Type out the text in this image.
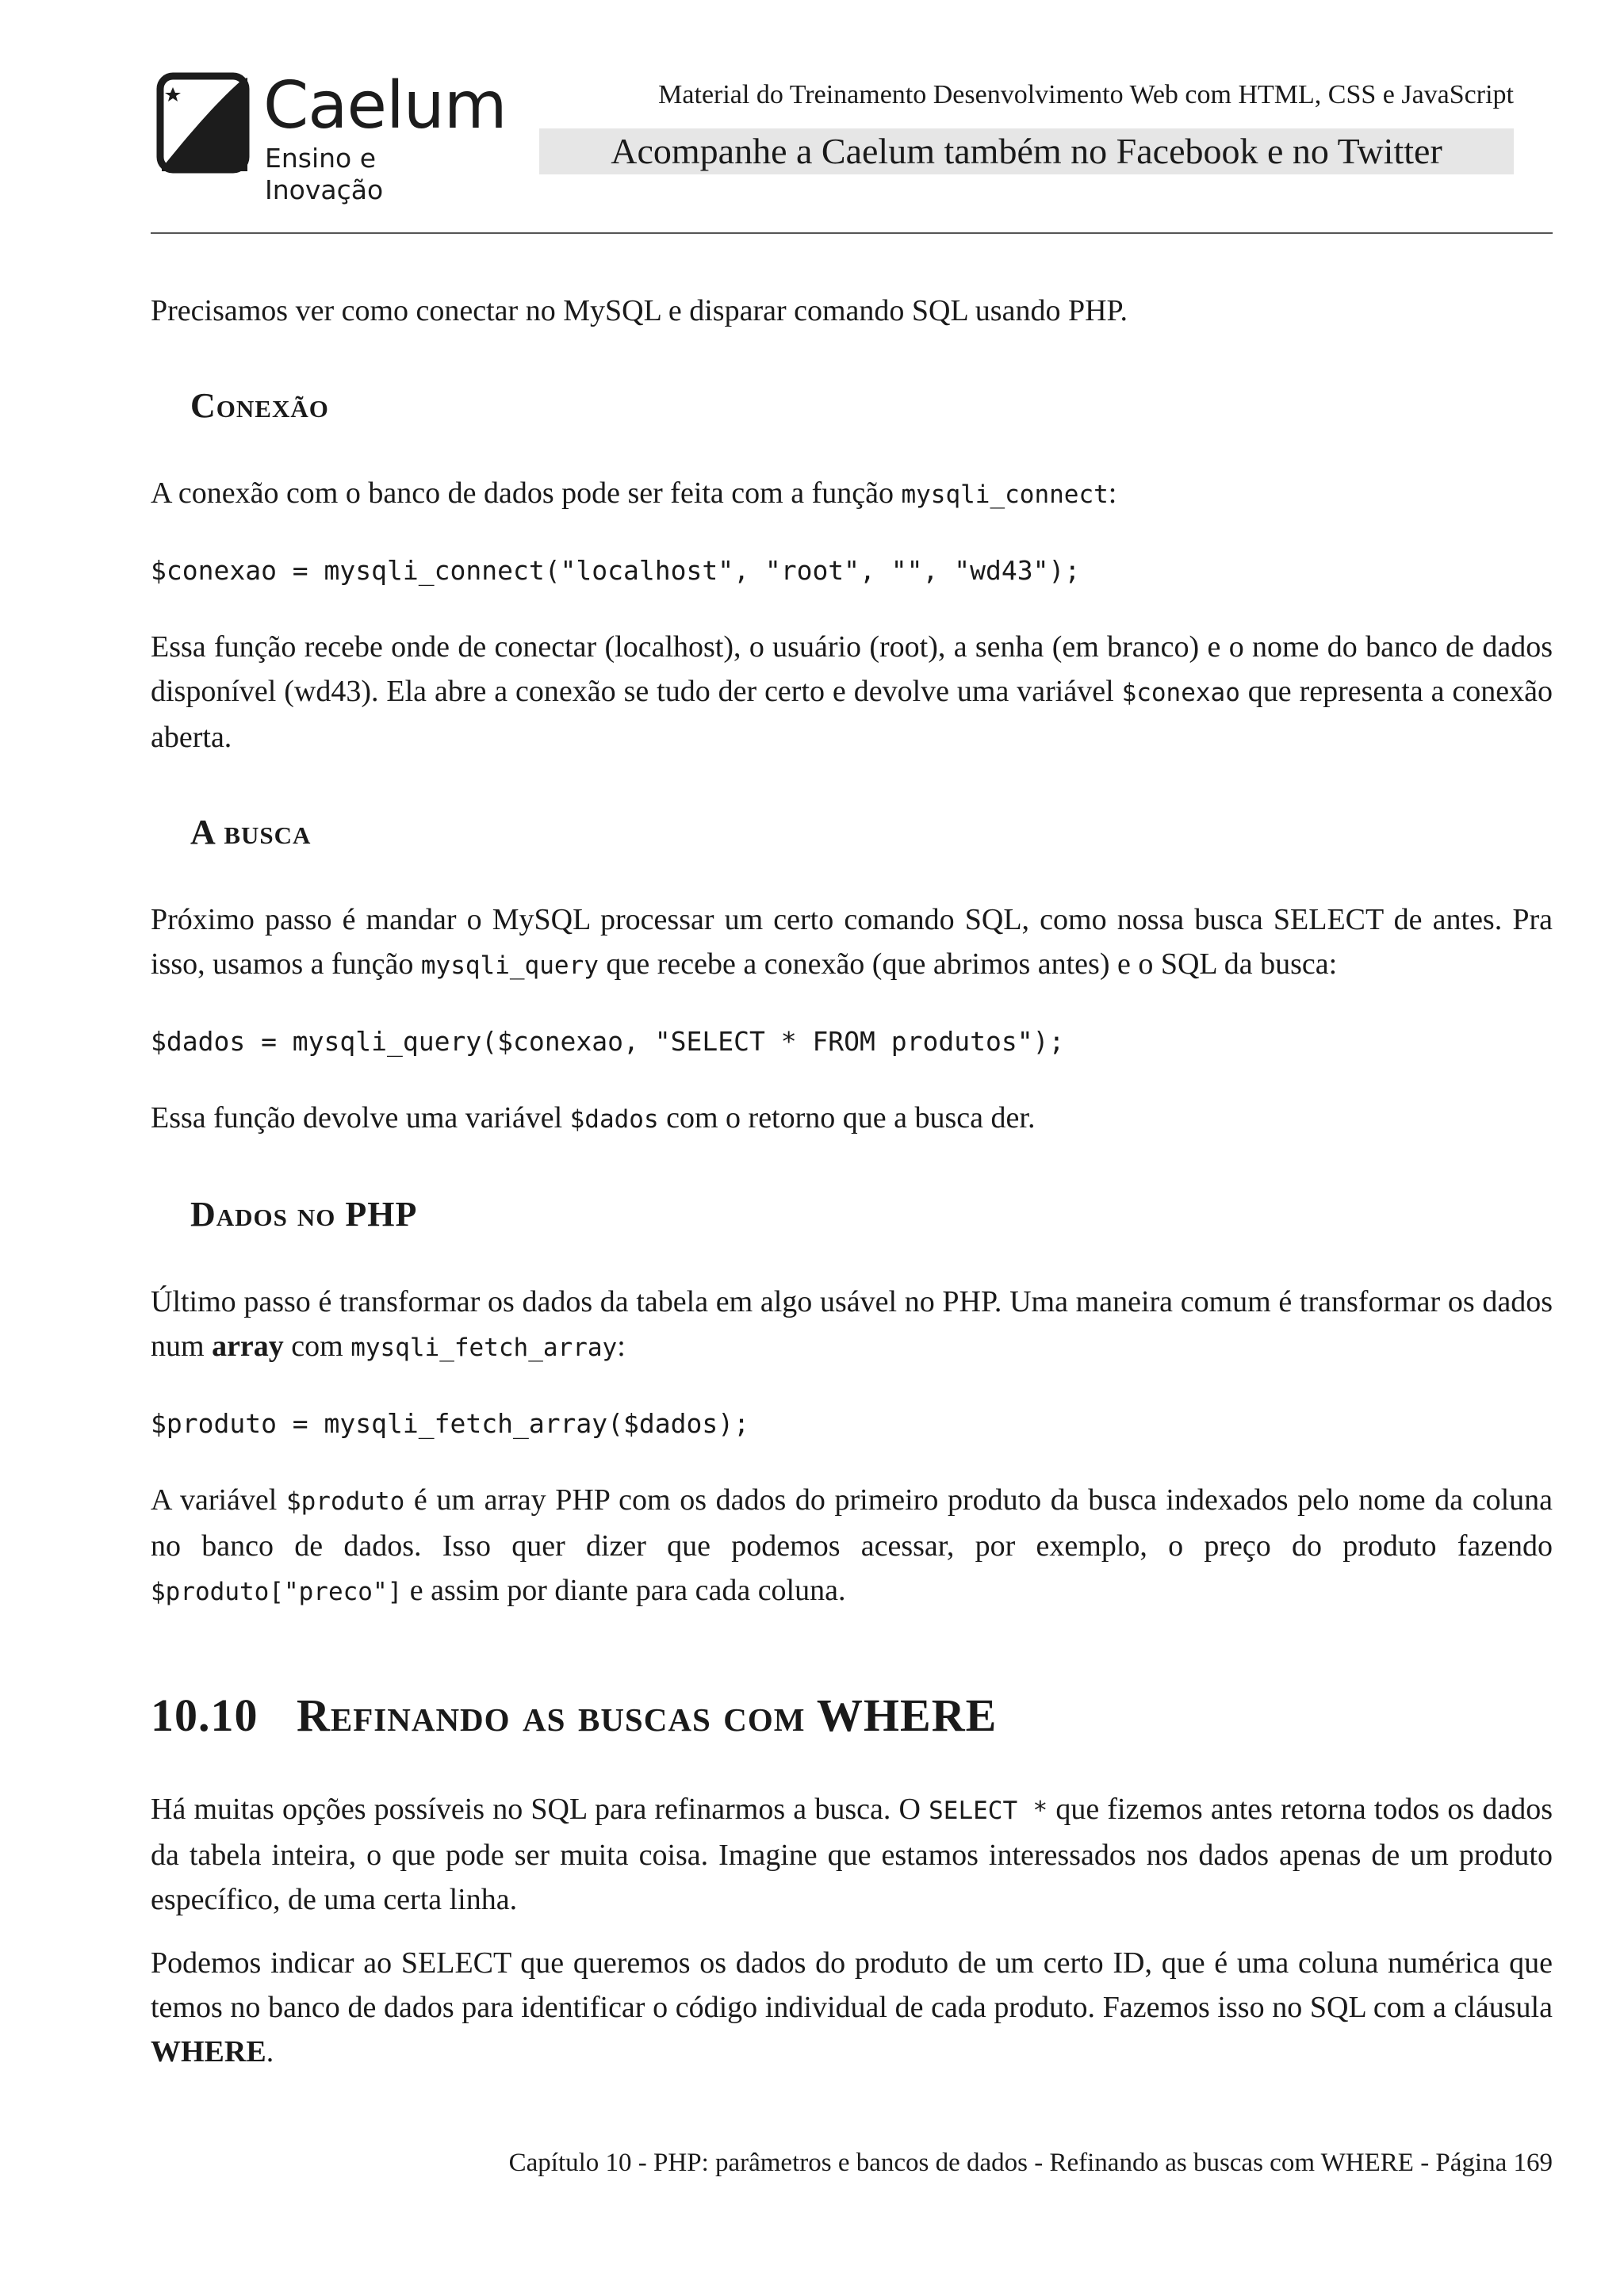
Caelum
Ensino e Inovação
Material do Treinamento Desenvolvimento Web com HTML, CSS e JavaScript
Acompanhe a Caelum também no Facebook e no Twitter

Precisamos ver como conectar no MySQL e disparar comando SQL usando PHP.

Conexão

A conexão com o banco de dados pode ser feita com a função mysqli_connect:

$conexao = mysqli_connect("localhost", "root", "", "wd43");

Essa função recebe onde de conectar (localhost), o usuário (root), a senha (em branco) e o nome do banco de dados disponível (wd43). Ela abre a conexão se tudo der certo e devolve uma variável $conexao que representa a conexão aberta.

A busca

Próximo passo é mandar o MySQL processar um certo comando SQL, como nossa busca SELECT de antes. Pra isso, usamos a função mysqli_query que recebe a conexão (que abrimos antes) e o SQL da busca:

$dados = mysqli_query($conexao, "SELECT * FROM produtos");

Essa função devolve uma variável $dados com o retorno que a busca der.

Dados no PHP

Último passo é transformar os dados da tabela em algo usável no PHP. Uma maneira comum é transformar os dados num array com mysqli_fetch_array:

$produto = mysqli_fetch_array($dados);

A variável $produto é um array PHP com os dados do primeiro produto da busca indexados pelo nome da coluna no banco de dados. Isso quer dizer que podemos acessar, por exemplo, o preço do produto fazendo $produto["preco"] e assim por diante para cada coluna.

10.10 Refinando as buscas com WHERE

Há muitas opções possíveis no SQL para refinarmos a busca. O SELECT * que fizemos antes retorna todos os dados da tabela inteira, o que pode ser muita coisa. Imagine que estamos interessados nos dados apenas de um produto específico, de uma certa linha.

Podemos indicar ao SELECT que queremos os dados do produto de um certo ID, que é uma coluna numérica que temos no banco de dados para identificar o código individual de cada produto. Fazemos isso no SQL com a cláusula WHERE.

Capítulo 10 - PHP: parâmetros e bancos de dados - Refinando as buscas com WHERE - Página 169
